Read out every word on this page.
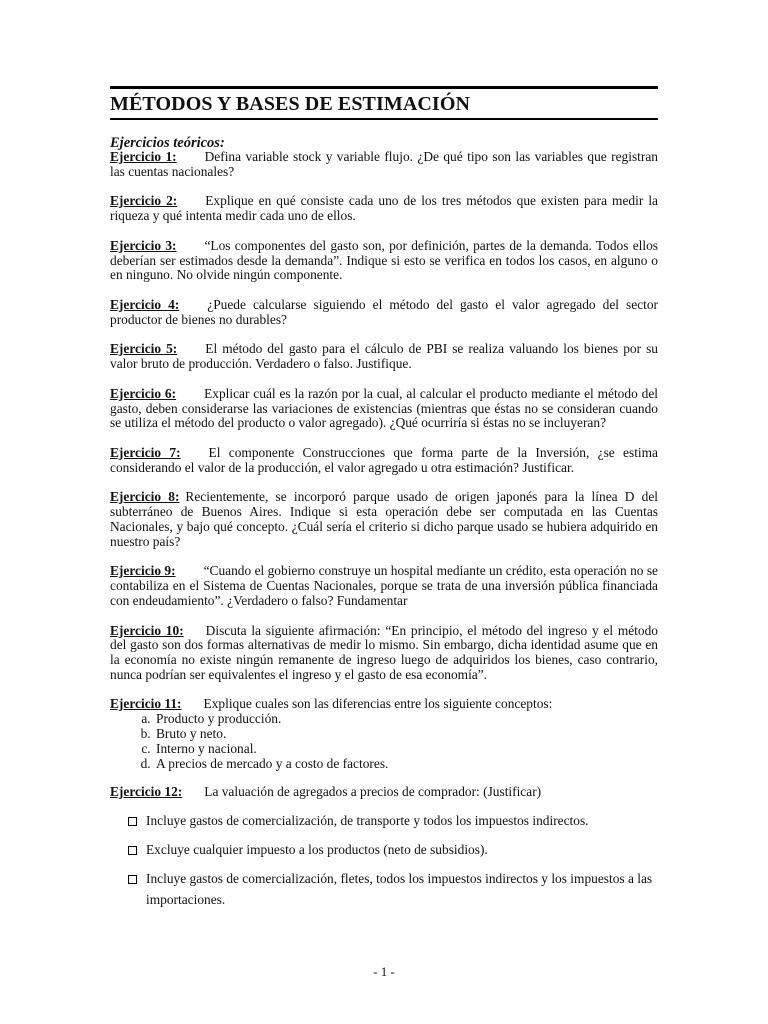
MÉTODOS Y BASES DE ESTIMACIÓN
Ejercicios teóricos:

Ejercicio 1: Defina variable stock y variable flujo. ¿De qué tipo son las variables que registran las cuentas nacionales?

Ejercicio 2: Explique en qué consiste cada uno de los tres métodos que existen para medir la riqueza y qué intenta medir cada uno de ellos.

Ejercicio 3: “Los componentes del gasto son, por definición, partes de la demanda. Todos ellos deberían ser estimados desde la demanda”. Indique si esto se verifica en todos los casos, en alguno o en ninguno. No olvide ningún componente.

Ejercicio 4: ¿Puede calcularse siguiendo el método del gasto el valor agregado del sector productor de bienes no durables?

Ejercicio 5: El método del gasto para el cálculo de PBI se realiza valuando los bienes por su valor bruto de producción. Verdadero o falso. Justifique.

Ejercicio 6: Explicar cuál es la razón por la cual, al calcular el producto mediante el método del gasto, deben considerarse las variaciones de existencias (mientras que éstas no se consideran cuando se utiliza el método del producto o valor agregado). ¿Qué ocurriría si éstas no se incluyeran?

Ejercicio 7: El componente Construcciones que forma parte de la Inversión, ¿se estima considerando el valor de la producción, el valor agregado u otra estimación? Justificar.

Ejercicio 8: Recientemente, se incorporó parque usado de origen japonés para la línea D del subterráneo de Buenos Aires. Indique si esta operación debe ser computada en las Cuentas Nacionales, y bajo qué concepto. ¿Cuál sería el criterio si dicho parque usado se hubiera adquirido en nuestro país?

Ejercicio 9: “Cuando el gobierno construye un hospital mediante un crédito, esta operación no se contabiliza en el Sistema de Cuentas Nacionales, porque se trata de una inversión pública financiada con endeudamiento”. ¿Verdadero o falso? Fundamentar

Ejercicio 10: Discuta la siguiente afirmación: “En principio, el método del ingreso y el método del gasto son dos formas alternativas de medir lo mismo. Sin embargo, dicha identidad asume que en la economía no existe ningún remanente de ingreso luego de adquiridos los bienes, caso contrario, nunca podrían ser equivalentes el ingreso y el gasto de esa economía”.

Ejercicio 11: Explique cuales son las diferencias entre los siguiente conceptos:

a. Producto y producción.
b. Bruto y neto.
c. Interno y nacional.
d. A precios de mercado y a costo de factores.

Ejercicio 12: La valuación de agregados a precios de comprador: (Justificar)

Incluye gastos de comercialización, de transporte y todos los impuestos indirectos.
Excluye cualquier impuesto a los productos (neto de subsidios).
Incluye gastos de comercialización, fletes, todos los impuestos indirectos y los impuestos a las importaciones.
- 1 -
